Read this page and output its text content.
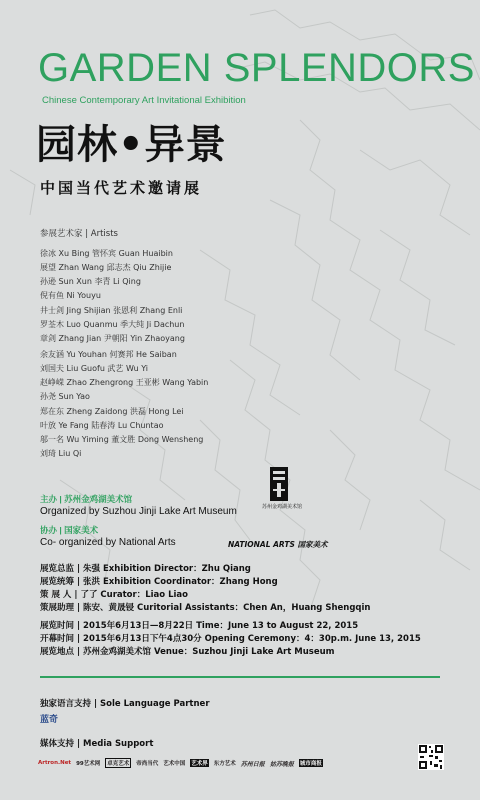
GARDEN SPLENDORS
Chinese Contemporary Art Invitational Exhibition
园林•异景
中国当代艺术邀请展
参展艺术家 | Artists
徐冰 Xu Bing 管怀宾 Guan Huaibin
展望 Zhan Wang 邱志杰 Qiu Zhijie
孙逊 Sun Xun 李青 Li Qing
倪有鱼 Ni Youyu
井士剑 Jing Shijian 张恩利 Zhang Enli
罗荃木 Luo Quanmu 季大纯 Ji Dachun
章剑 Zhang Jian 尹朝阳 Yin Zhaoyang
余友涵 Yu Youhan 何赛邦 He Saiban
刘国夫 Liu Guofu 武艺 Wu Yi
赵峥嵘 Zhao Zhengrong 王亚彬 Wang Yabin
孙尧 Sun Yao
郑在东 Zheng Zaidong 洪磊 Hong Lei
叶放 Ye Fang 陆春涛 Lu Chuntao
邬一名 Wu Yiming 董文胜 Dong Wensheng
刘琦 Liu Qi
苏州金鸡湖美术馆
主办 | 苏州金鸡湖美术馆
Organized by Suzhou Jinji Lake Art Museum
协办 | 国家美术
Co- organized by National Arts	NATIONAL ARTS 国家美术
展览总监 | 朱强 Exhibition Director：Zhu Qiang
展览统筹 | 张洪 Exhibition Coordinator：Zhang Hong
策 展 人 | 了了 Curator：Liao Liao
策展助理 | 陈安、黄晟锓 Curitorial Assistants：Chen An，Huang Shengqin
展览时间 | 2015年6月13日—8月22日 Time：June 13 to August 22, 2015
开幕时间 | 2015年6月13日下午4点30分 Opening Ceremony：4：30p.m. June 13, 2015
展览地点 | 苏州金鸡湖美术馆 Venue：Suzhou Jinji Lake Art Museum
独家语言支持 | Sole Language Partner
蓝奇
媒体支持 | Media Support
Artron.Net 99艺术网	卓克艺术	帝尚当代 艺术中国 艺术界 东方艺术 苏州日报 姑苏晚报 城市商报
